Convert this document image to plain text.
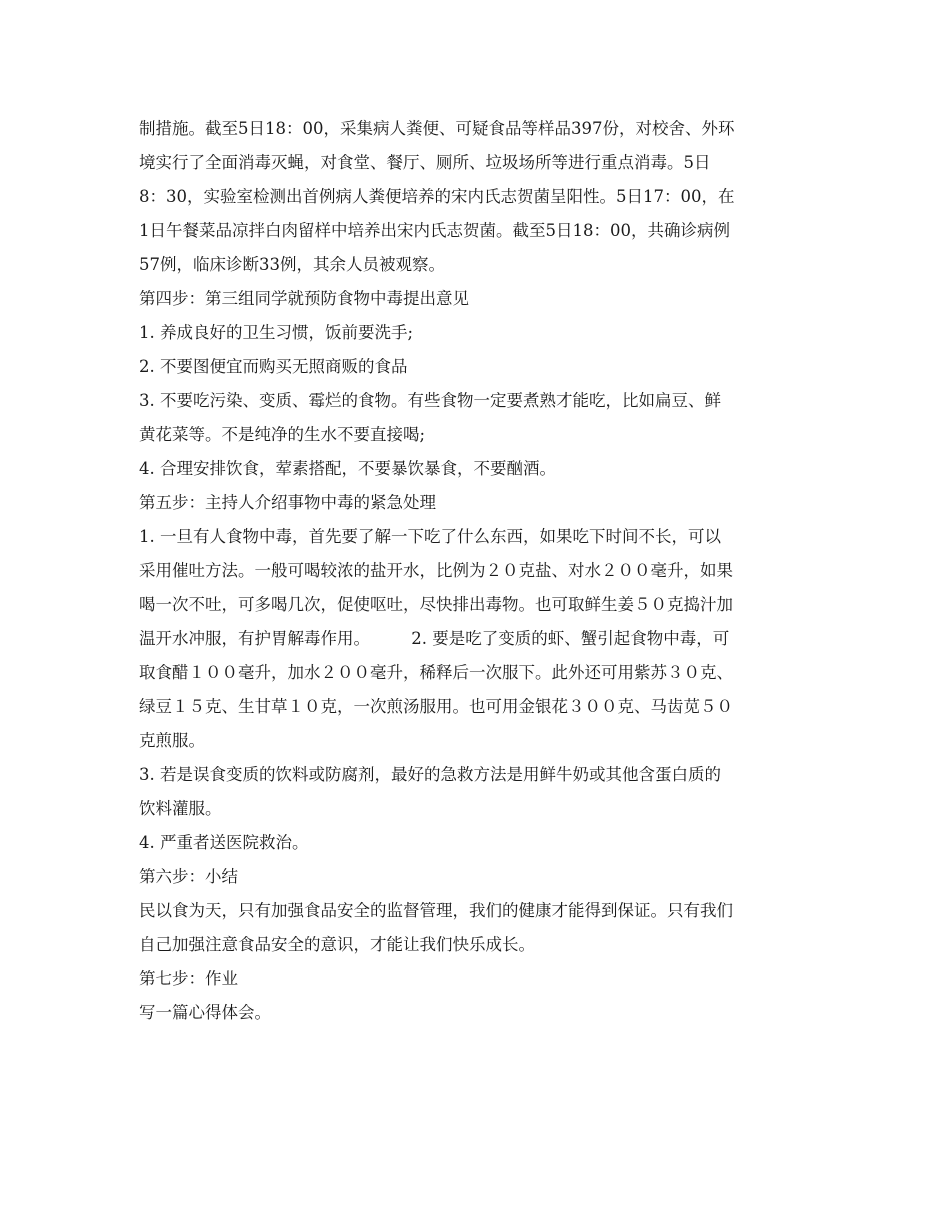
制措施。截至5日18：00，采集病人粪便、可疑食品等样品397份，对校舍、外环
境实行了全面消毒灭蝇，对食堂、餐厅、厕所、垃圾场所等进行重点消毒。5日
8：30，实验室检测出首例病人粪便培养的宋内氏志贺菌呈阳性。5日17：00，在
1日午餐菜品凉拌白肉留样中培养出宋内氏志贺菌。截至5日18：00，共确诊病例
57例，临床诊断33例，其余人员被观察。
第四步：第三组同学就预防食物中毒提出意见
1. 养成良好的卫生习惯，饭前要洗手;
2. 不要图便宜而购买无照商贩的食品
3. 不要吃污染、变质、霉烂的食物。有些食物一定要煮熟才能吃，比如扁豆、鲜
黄花菜等。不是纯净的生水不要直接喝;
4. 合理安排饮食，荤素搭配，不要暴饮暴食，不要酗酒。
第五步：主持人介绍事物中毒的紧急处理
1. 一旦有人食物中毒，首先要了解一下吃了什么东西，如果吃下时间不长，可以
采用催吐方法。一般可喝较浓的盐开水，比例为２０克盐、对水２００毫升，如果
喝一次不吐，可多喝几次，促使呕吐，尽快排出毒物。也可取鲜生姜５０克捣汁加
温开水冲服，有护胃解毒作用。　　　2. 要是吃了变质的虾、蟹引起食物中毒，可
取食醋１００毫升，加水２００毫升，稀释后一次服下。此外还可用紫苏３０克、
绿豆１５克、生甘草１０克，一次煎汤服用。也可用金银花３００克、马齿苋５０
克煎服。
3. 若是误食变质的饮料或防腐剂，最好的急救方法是用鲜牛奶或其他含蛋白质的
饮料灌服。
4. 严重者送医院救治。
第六步：小结
民以食为天，只有加强食品安全的监督管理，我们的健康才能得到保证。只有我们
自己加强注意食品安全的意识，才能让我们快乐成长。
第七步：作业
写一篇心得体会。
